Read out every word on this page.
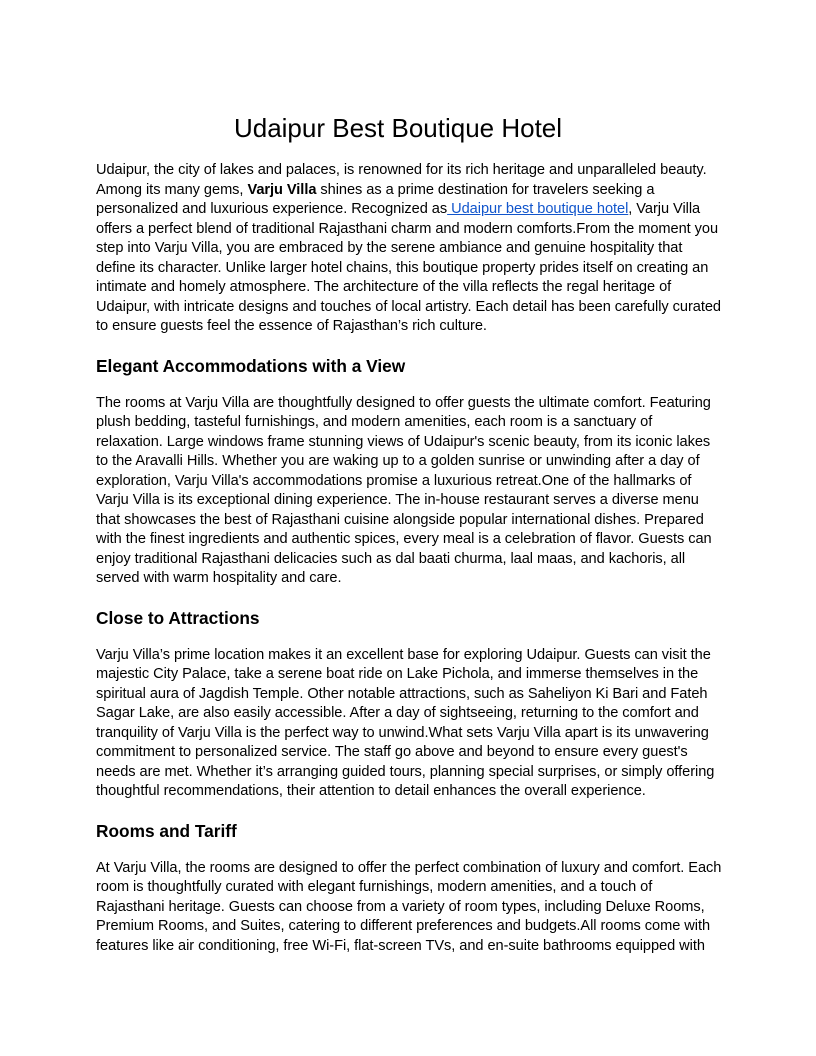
Udaipur Best Boutique Hotel

Udaipur, the city of lakes and palaces, is renowned for its rich heritage and unparalleled beauty. Among its many gems, Varju Villa shines as a prime destination for travelers seeking a personalized and luxurious experience. Recognized as Udaipur best boutique hotel, Varju Villa offers a perfect blend of traditional Rajasthani charm and modern comforts.From the moment you step into Varju Villa, you are embraced by the serene ambiance and genuine hospitality that define its character. Unlike larger hotel chains, this boutique property prides itself on creating an intimate and homely atmosphere. The architecture of the villa reflects the regal heritage of Udaipur, with intricate designs and touches of local artistry. Each detail has been carefully curated to ensure guests feel the essence of Rajasthan’s rich culture.

Elegant Accommodations with a View

The rooms at Varju Villa are thoughtfully designed to offer guests the ultimate comfort. Featuring plush bedding, tasteful furnishings, and modern amenities, each room is a sanctuary of relaxation. Large windows frame stunning views of Udaipur's scenic beauty, from its iconic lakes to the Aravalli Hills. Whether you are waking up to a golden sunrise or unwinding after a day of exploration, Varju Villa's accommodations promise a luxurious retreat.One of the hallmarks of Varju Villa is its exceptional dining experience. The in-house restaurant serves a diverse menu that showcases the best of Rajasthani cuisine alongside popular international dishes. Prepared with the finest ingredients and authentic spices, every meal is a celebration of flavor. Guests can enjoy traditional Rajasthani delicacies such as dal baati churma, laal maas, and kachoris, all served with warm hospitality and care.

Close to Attractions

Varju Villa’s prime location makes it an excellent base for exploring Udaipur. Guests can visit the majestic City Palace, take a serene boat ride on Lake Pichola, and immerse themselves in the spiritual aura of Jagdish Temple. Other notable attractions, such as Saheliyon Ki Bari and Fateh Sagar Lake, are also easily accessible. After a day of sightseeing, returning to the comfort and tranquility of Varju Villa is the perfect way to unwind.What sets Varju Villa apart is its unwavering commitment to personalized service. The staff go above and beyond to ensure every guest's needs are met. Whether it’s arranging guided tours, planning special surprises, or simply offering thoughtful recommendations, their attention to detail enhances the overall experience.

Rooms and Tariff

At Varju Villa, the rooms are designed to offer the perfect combination of luxury and comfort. Each room is thoughtfully curated with elegant furnishings, modern amenities, and a touch of Rajasthani heritage. Guests can choose from a variety of room types, including Deluxe Rooms, Premium Rooms, and Suites, catering to different preferences and budgets.All rooms come with features like air conditioning, free Wi-Fi, flat-screen TVs, and en-suite bathrooms equipped with
